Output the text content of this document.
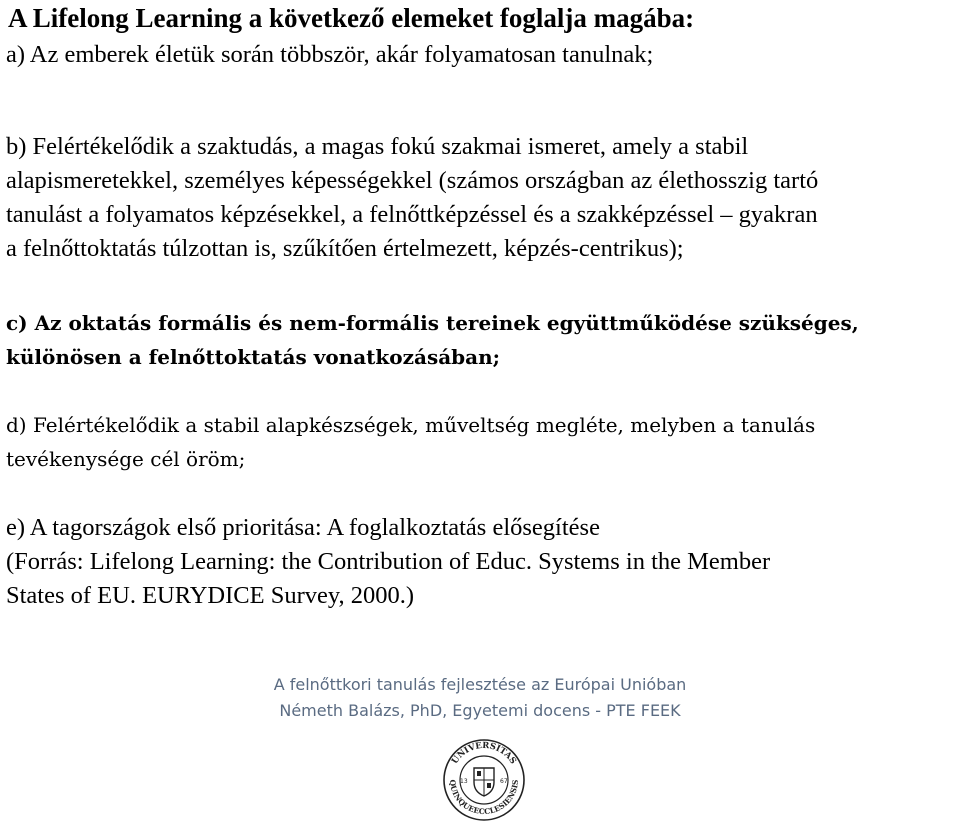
A Lifelong Learning a következő elemeket foglalja magába:
a) Az emberek életük során többször, akár folyamatosan tanulnak;
b) Felértékelődik a szaktudás, a magas fokú szakmai ismeret, amely a stabil
alapismeretekkel, személyes képességekkel (számos országban az élethosszig tartó
tanulást a folyamatos képzésekkel, a felnőttképzéssel és a szakképzéssel – gyakran
a felnőttoktatás túlzottan is, szűkítően értelmezett, képzés-centrikus);
c) Az oktatás formális és nem-formális tereinek együttműködése szükséges,
különösen a felnőttoktatás vonatkozásában;
d) Felértékelődik a stabil alapkészségek, műveltség megléte, melyben a tanulás
tevékenysége cél öröm;
e) A tagországok első prioritása: A foglalkoztatás elősegítése
(Forrás: Lifelong Learning: the Contribution of Educ. Systems in the Member
States of EU. EURYDICE Survey, 2000.)
A felnőttkori tanulás fejlesztése az Európai Unióban
Németh Balázs, PhD, Egyetemi docens - PTE FEEK
UNIVERSITAS
QUINQUEECCLESIENSIS
13	67
